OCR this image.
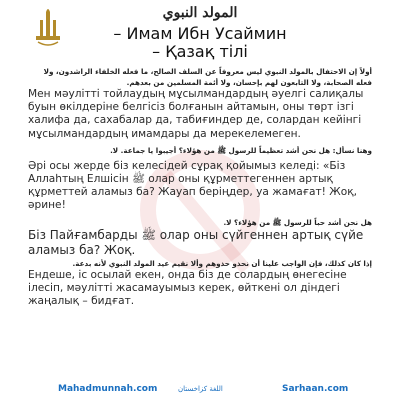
المولد النبوي
– Имам Ибн Усаймин
– Қазақ тілі

أولاً إن الاحتفال بالمولد النبوي ليس معروفاً عن السلف الصالح، ما فعله الخلفاء الراشدون، ولا فعله الصحابة، ولا التابعون لهم بإحسان، ولا أئمة المسلمين من بعدهم.

Мен мәулітті тойлаудың мұсылмандардың әуелгі салиқалы буын өкілдеріне белгісіз болғанын айтамын, оны төрт ізгі халифа да, сахабалар да, табиғиндер де, солардан кейінгі мұсылмандардың имамдары да мерекелемеген.

وهنا نسأل: هل نحن أشد تعظيماً للرسول ﷺ من هؤلاء؟ أجيبوا يا جماعة. لا.

Әрі осы жерде біз келесідей сұрақ қойымыз келеді: «Біз Аллаһтың Елшісін ﷺ олар оны құрметтегеннен артық құрметтей аламыз ба? Жауап беріңдер, уа жамағат! Жоқ, әрине!

هل نحن أشد حباً للرسول ﷺ من هؤلاء؟ لا.

Біз Пайғамбарды ﷺ олар оны сүйгеннен артық сүйе аламыз ба? Жоқ.

إذا كان كذلك، فإن الواجب علينا أن نحذو حذوهم وألا نقيم عيد المولد النبوي لأنه بدعة.

Ендеше, іс осылай екен, онда біз де солардың өнегесіне ілесіп, мәулітті жасамауымыз керек, өйткені ол діндегі жаңалық – бидғат.

Mahadmunnah.com	اللغة كزاخستان	Sarhaan.com
